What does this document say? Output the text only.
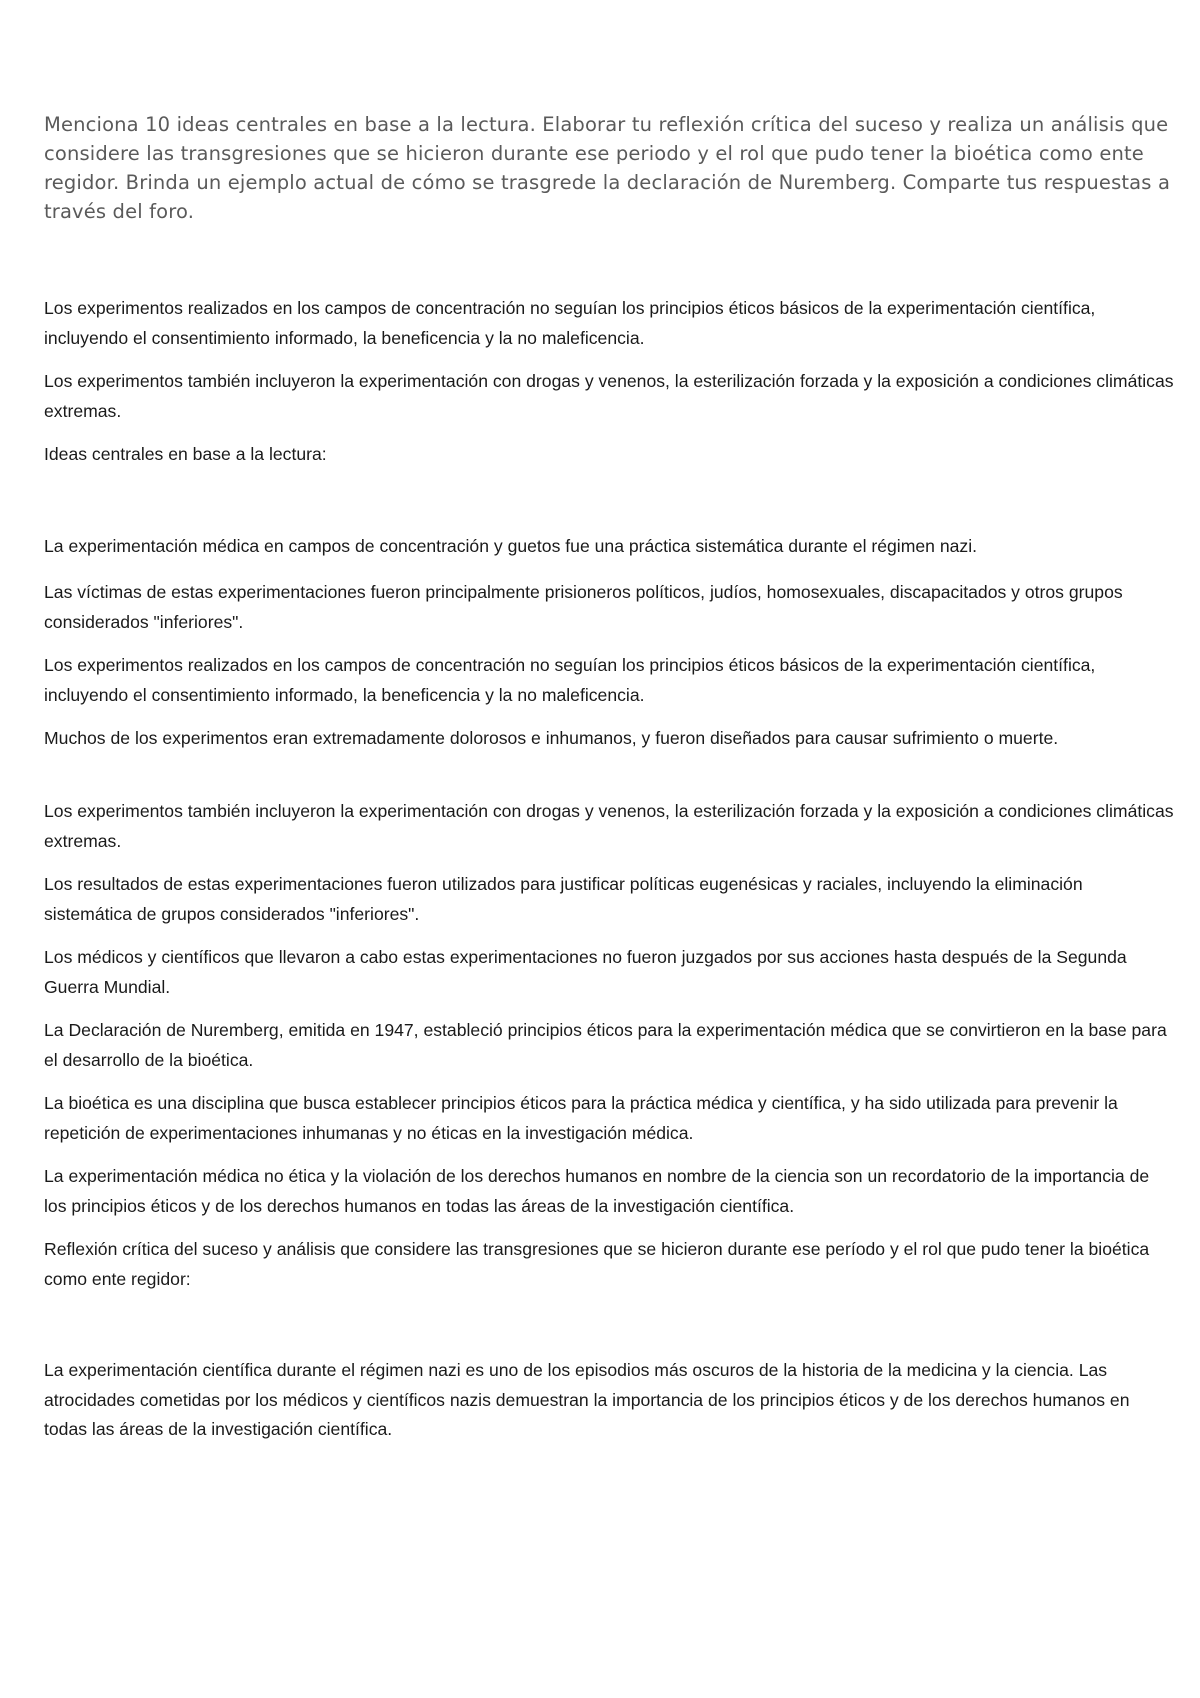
Menciona 10 ideas centrales en base a la lectura. Elaborar tu reflexión crítica del suceso y realiza un análisis que considere las transgresiones que se hicieron durante ese periodo y el rol que pudo tener la bioética como ente regidor. Brinda un ejemplo actual de cómo se trasgrede la declaración de Nuremberg. Comparte tus respuestas a través del foro.

Los experimentos realizados en los campos de concentración no seguían los principios éticos básicos de la experimentación científica, incluyendo el consentimiento informado, la beneficencia y la no maleficencia.

Los experimentos también incluyeron la experimentación con drogas y venenos, la esterilización forzada y la exposición a condiciones climáticas extremas.

Ideas centrales en base a la lectura:

La experimentación médica en campos de concentración y guetos fue una práctica sistemática durante el régimen nazi.

Las víctimas de estas experimentaciones fueron principalmente prisioneros políticos, judíos, homosexuales, discapacitados y otros grupos considerados "inferiores".

Los experimentos realizados en los campos de concentración no seguían los principios éticos básicos de la experimentación científica, incluyendo el consentimiento informado, la beneficencia y la no maleficencia.

Muchos de los experimentos eran extremadamente dolorosos e inhumanos, y fueron diseñados para causar sufrimiento o muerte.

Los experimentos también incluyeron la experimentación con drogas y venenos, la esterilización forzada y la exposición a condiciones climáticas extremas.

Los resultados de estas experimentaciones fueron utilizados para justificar políticas eugenésicas y raciales, incluyendo la eliminación sistemática de grupos considerados "inferiores".

Los médicos y científicos que llevaron a cabo estas experimentaciones no fueron juzgados por sus acciones hasta después de la Segunda Guerra Mundial.

La Declaración de Nuremberg, emitida en 1947, estableció principios éticos para la experimentación médica que se convirtieron en la base para el desarrollo de la bioética.

La bioética es una disciplina que busca establecer principios éticos para la práctica médica y científica, y ha sido utilizada para prevenir la repetición de experimentaciones inhumanas y no éticas en la investigación médica.

La experimentación médica no ética y la violación de los derechos humanos en nombre de la ciencia son un recordatorio de la importancia de los principios éticos y de los derechos humanos en todas las áreas de la investigación científica.

Reflexión crítica del suceso y análisis que considere las transgresiones que se hicieron durante ese período y el rol que pudo tener la bioética como ente regidor:

La experimentación científica durante el régimen nazi es uno de los episodios más oscuros de la historia de la medicina y la ciencia. Las atrocidades cometidas por los médicos y científicos nazis demuestran la importancia de los principios éticos y de los derechos humanos en todas las áreas de la investigación científica.
